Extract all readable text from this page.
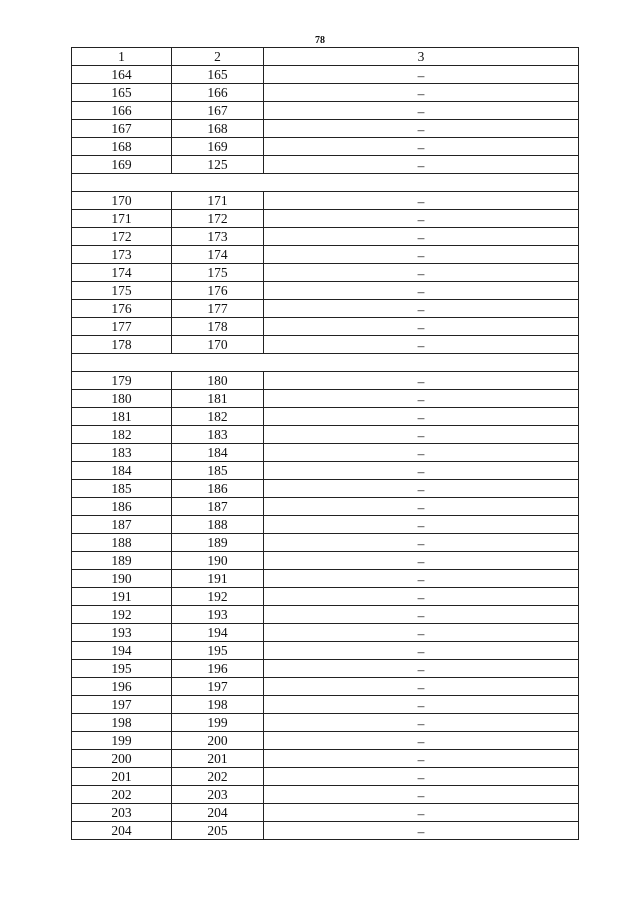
78
1	2	3
164	165	–
165	166	–
166	167	–
167	168	–
168	169	–
169	125	–

170	171	–
171	172	–
172	173	–
173	174	–
174	175	–
175	176	–
176	177	–
177	178	–
178	170	–

179	180	–
180	181	–
181	182	–
182	183	–
183	184	–
184	185	–
185	186	–
186	187	–
187	188	–
188	189	–
189	190	–
190	191	–
191	192	–
192	193	–
193	194	–
194	195	–
195	196	–
196	197	–
197	198	–
198	199	–
199	200	–
200	201	–
201	202	–
202	203	–
203	204	–
204	205	–
